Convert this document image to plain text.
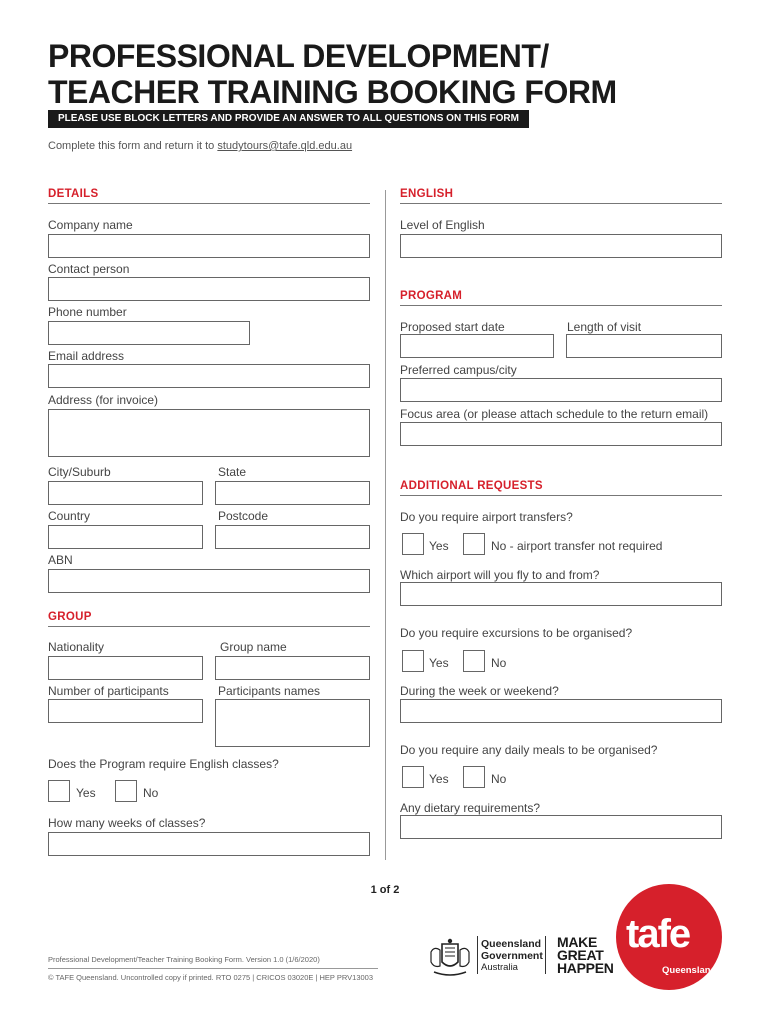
PROFESSIONAL DEVELOPMENT/
TEACHER TRAINING BOOKING FORM
PLEASE USE BLOCK LETTERS AND PROVIDE AN ANSWER TO ALL QUESTIONS ON THIS FORM
Complete this form and return it to studytours@tafe.qld.edu.au
DETAILS
Company name
Contact person
Phone number
Email address
Address (for invoice)
City/Suburb	State
Country	Postcode
ABN
GROUP
Nationality	Group name
Number of participants	Participants names
Does the Program require English classes?
Yes	No
How many weeks of classes?
ENGLISH
Level of English
PROGRAM
Proposed start date	Length of visit
Preferred campus/city
Focus area (or please attach schedule to the return email)
ADDITIONAL REQUESTS
Do you require airport transfers?
Yes	No - airport transfer not required
Which airport will you fly to and from?
Do you require excursions to be organised?
Yes	No
During the week or weekend?
Do you require any daily meals to be organised?
Yes	No
Any dietary requirements?
1 of 2
Professional Development/Teacher Training Booking Form. Version 1.0 (1/6/2020)
© TAFE Queensland. Uncontrolled copy if printed. RTO 0275 | CRICOS 03020E | HEP PRV13003
Queensland
Government
Australia
MAKE
GREAT
HAPPEN
tafe
Queensland
